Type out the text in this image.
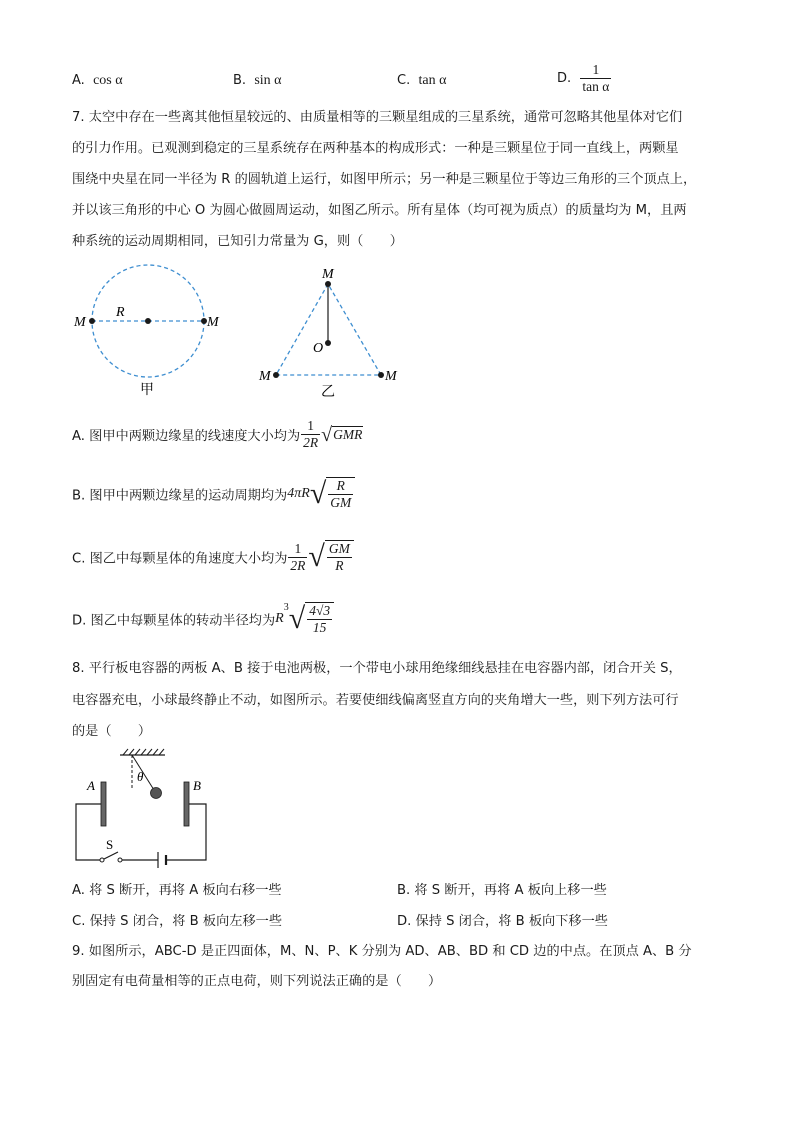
A. cos α	B. sin α	C. tan α	D. $\frac{1}{\text{tan α}}$
7. 太空中存在一些离其他恒星较远的、由质量相等的三颗星组成的三星系统，通常可忽略其他星体对它们
的引力作用。已观测到稳定的三星系统存在两种基本的构成形式：一种是三颗星位于同一直线上，两颗星
围绕中央星在同一半径为 R 的圆轨道上运行，如图甲所示；另一种是三颗星位于等边三角形的三个顶点上，
并以该三角形的中心 O 为圆心做圆周运动，如图乙所示。所有星体（均可视为质点）的质量均为 M，且两
种系统的运动周期相同，已知引力常量为 G，则（　　）
M	M
R
甲
M
O
M	M
乙
A. 图甲中两颗边缘星的线速度大小均为 $\frac{1}{2R} √GMR$
B. 图甲中两颗边缘星的运动周期均为$4\pi R√ \frac{R}{GM}$
C. 图乙中每颗星体的角速度大小均为 $\frac{1}{2R}$ √ $\frac{GM}{R}$
D. 图乙中每颗星体的转动半径均为$R^3√ \frac{4√3}{15}$
8. 平行板电容器的两板 A、B 接于电池两极，一个带电小球用绝缘细线悬挂在电容器内部，闭合开关 S，
电容器充电，小球最终静止不动，如图所示。若要使细线偏离竖直方向的夹角增大一些，则下列方法可行
的是（　　）
θ
A	B
S
A. 将 S 断开，再将 A 板向右移一些	B. 将 S 断开，再将 A 板向上移一些
C. 保持 S 闭合，将 B 板向左移一些	D. 保持 S 闭合，将 B 板向下移一些
9. 如图所示，ABC-D 是正四面体，M、N、P、K 分别为 AD、AB、BD 和 CD 边的中点。在顶点 A、B 分
别固定有电荷量相等的正点电荷，则下列说法正确的是（　　）
